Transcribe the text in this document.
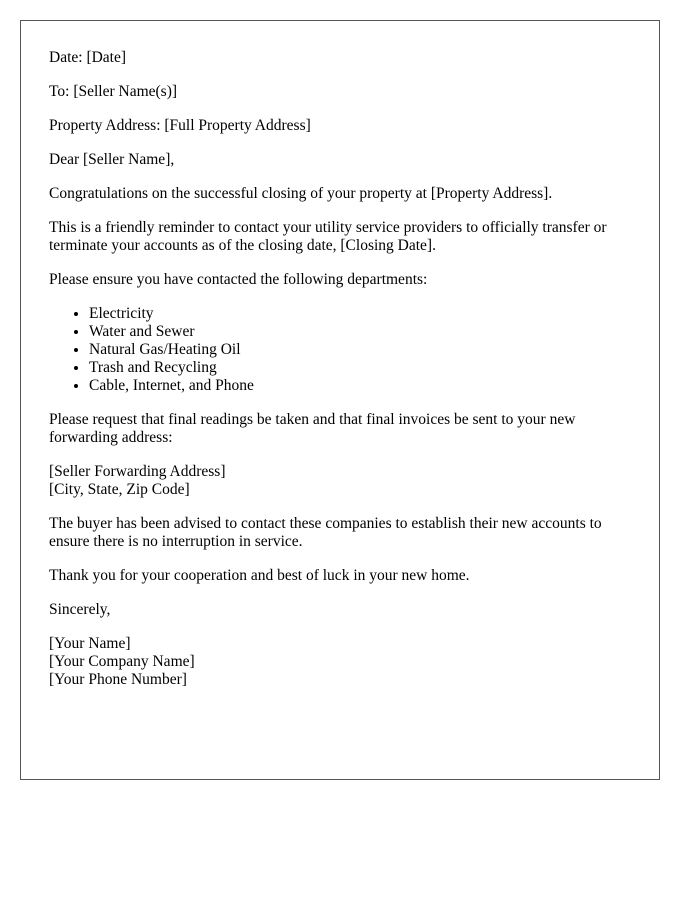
Date: [Date]

To: [Seller Name(s)]

Property Address: [Full Property Address]

Dear [Seller Name],

Congratulations on the successful closing of your property at [Property Address].

This is a friendly reminder to contact your utility service providers to officially transfer or terminate your accounts as of the closing date, [Closing Date].

Please ensure you have contacted the following departments:

• Electricity
• Water and Sewer
• Natural Gas/Heating Oil
• Trash and Recycling
• Cable, Internet, and Phone

Please request that final readings be taken and that final invoices be sent to your new forwarding address:

[Seller Forwarding Address]
[City, State, Zip Code]

The buyer has been advised to contact these companies to establish their new accounts to ensure there is no interruption in service.

Thank you for your cooperation and best of luck in your new home.

Sincerely,

[Your Name]
[Your Company Name]
[Your Phone Number]
